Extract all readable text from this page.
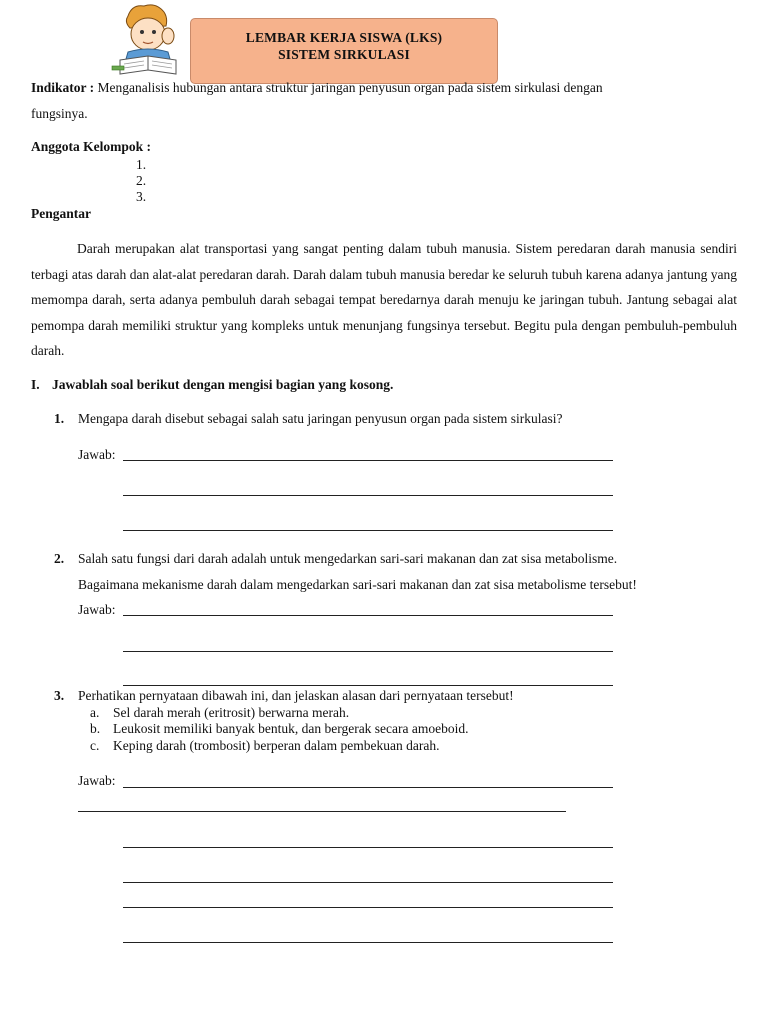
LEMBAR KERJA SISWA (LKS)
SISTEM SIRKULASI
Indikator : Menganalisis hubungan antara struktur jaringan penyusun organ pada sistem sirkulasi dengan
fungsinya.
Anggota Kelompok :
1.
2.
3.
Pengantar
Darah merupakan alat transportasi yang sangat penting dalam tubuh manusia. Sistem peredaran darah manusia sendiri terbagi atas darah dan alat-alat peredaran darah. Darah dalam tubuh manusia beredar ke seluruh tubuh karena adanya jantung yang memompa darah, serta adanya pembuluh darah sebagai tempat beredarnya darah menuju ke jaringan tubuh. Jantung sebagai alat pemompa darah memiliki struktur yang kompleks untuk menunjang fungsinya tersebut. Begitu pula dengan pembuluh-pembuluh darah.
I. Jawablah soal berikut dengan mengisi bagian yang kosong.
1. Mengapa darah disebut sebagai salah satu jaringan penyusun organ pada sistem sirkulasi?
Jawab:
2. Salah satu fungsi dari darah adalah untuk mengedarkan sari-sari makanan dan zat sisa metabolisme.
Bagaimana mekanisme darah dalam mengedarkan sari-sari makanan dan zat sisa metabolisme tersebut!
Jawab:
3. Perhatikan pernyataan dibawah ini, dan jelaskan alasan dari pernyataan tersebut!
a. Sel darah merah (eritrosit) berwarna merah.
b. Leukosit memiliki banyak bentuk, dan bergerak secara amoeboid.
c. Keping darah (trombosit) berperan dalam pembekuan darah.
Jawab:
